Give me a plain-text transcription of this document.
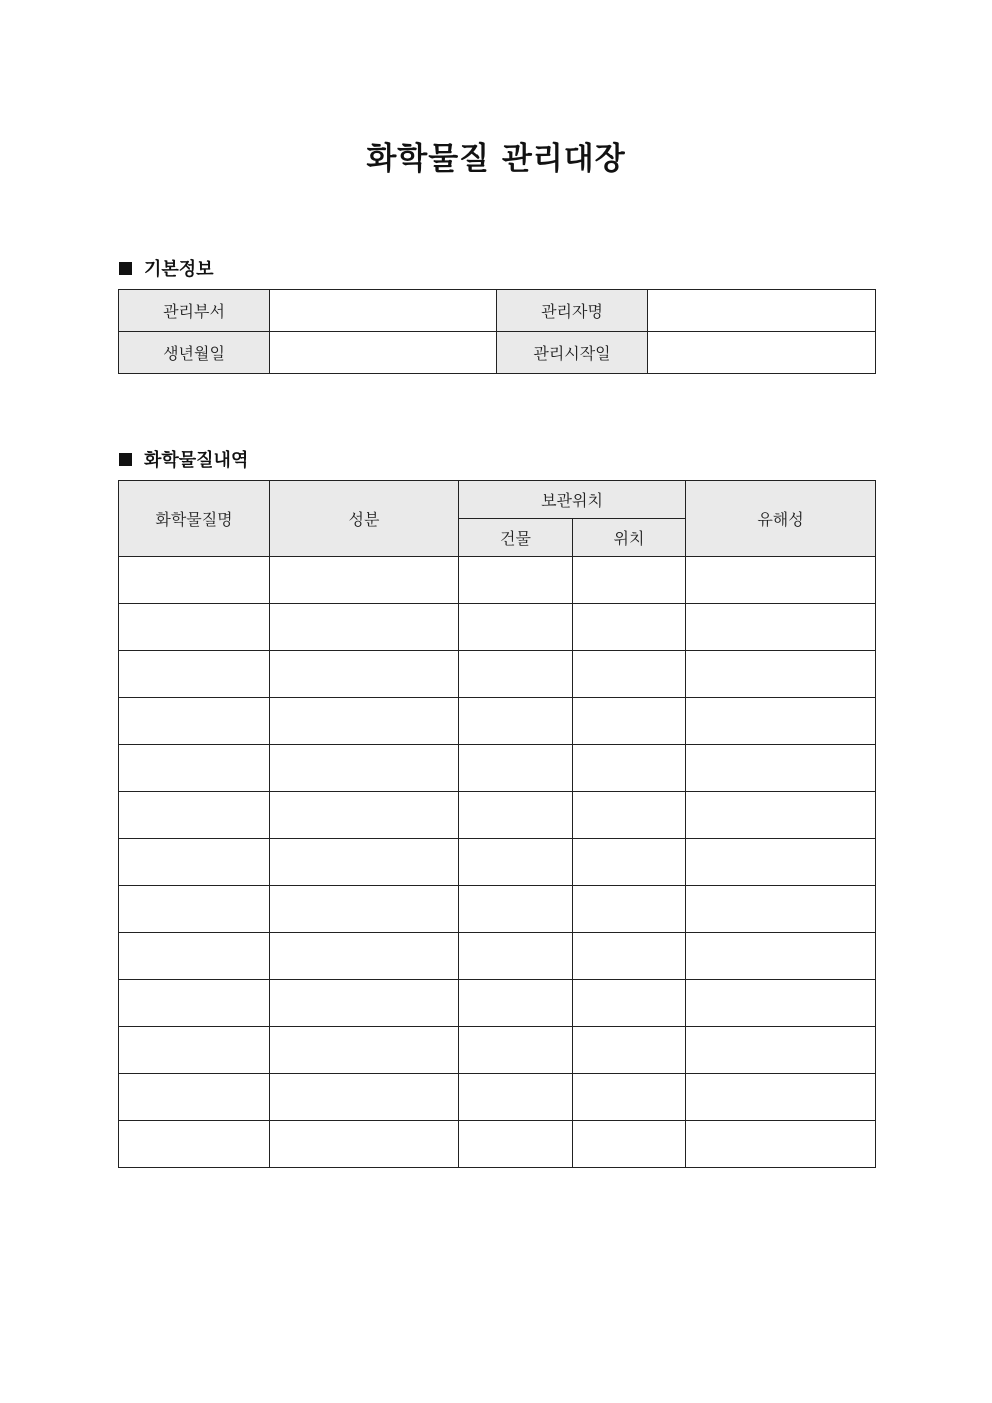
화학물질 관리대장
기본정보
관리부서		관리자명	
생년월일		관리시작일	
화학물질내역
화학물질명	성분	보관위치		유해성
		건물	위치	
